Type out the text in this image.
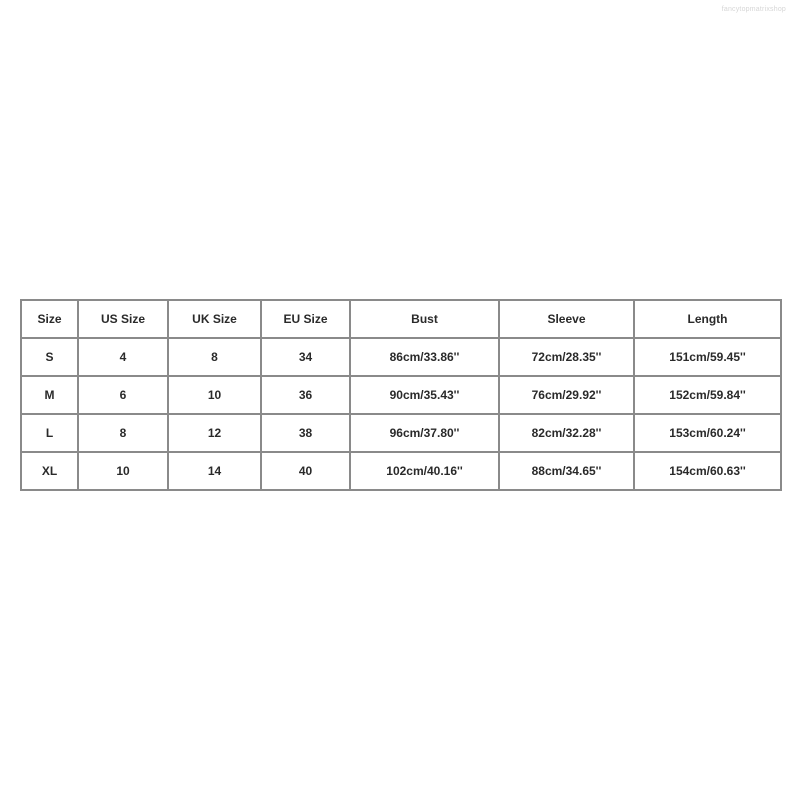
fancytopmatrixshop
Size	US Size	UK Size	EU Size	Bust	Sleeve	Length
S	4	8	34	86cm/33.86''	72cm/28.35''	151cm/59.45''
M	6	10	36	90cm/35.43''	76cm/29.92''	152cm/59.84''
L	8	12	38	96cm/37.80''	82cm/32.28''	153cm/60.24''
XL	10	14	40	102cm/40.16''	88cm/34.65''	154cm/60.63''
